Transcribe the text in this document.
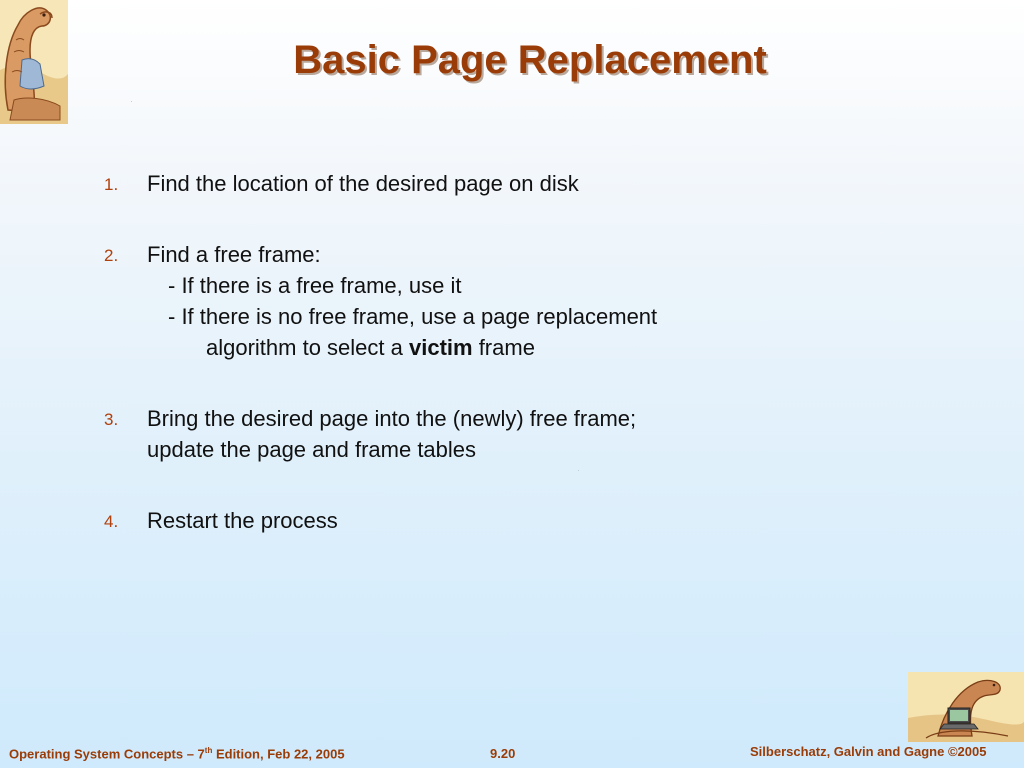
Basic Page Replacement
1. Find the location of the desired page on disk
2. Find a free frame:
- If there is a free frame, use it
- If there is no free frame, use a page replacement
algorithm to select a victim frame
3. Bring the desired page into the (newly) free frame;
update the page and frame tables
4. Restart the process
Operating System Concepts – 7th Edition, Feb 22, 2005	9.20	Silberschatz, Galvin and Gagne ©2005
